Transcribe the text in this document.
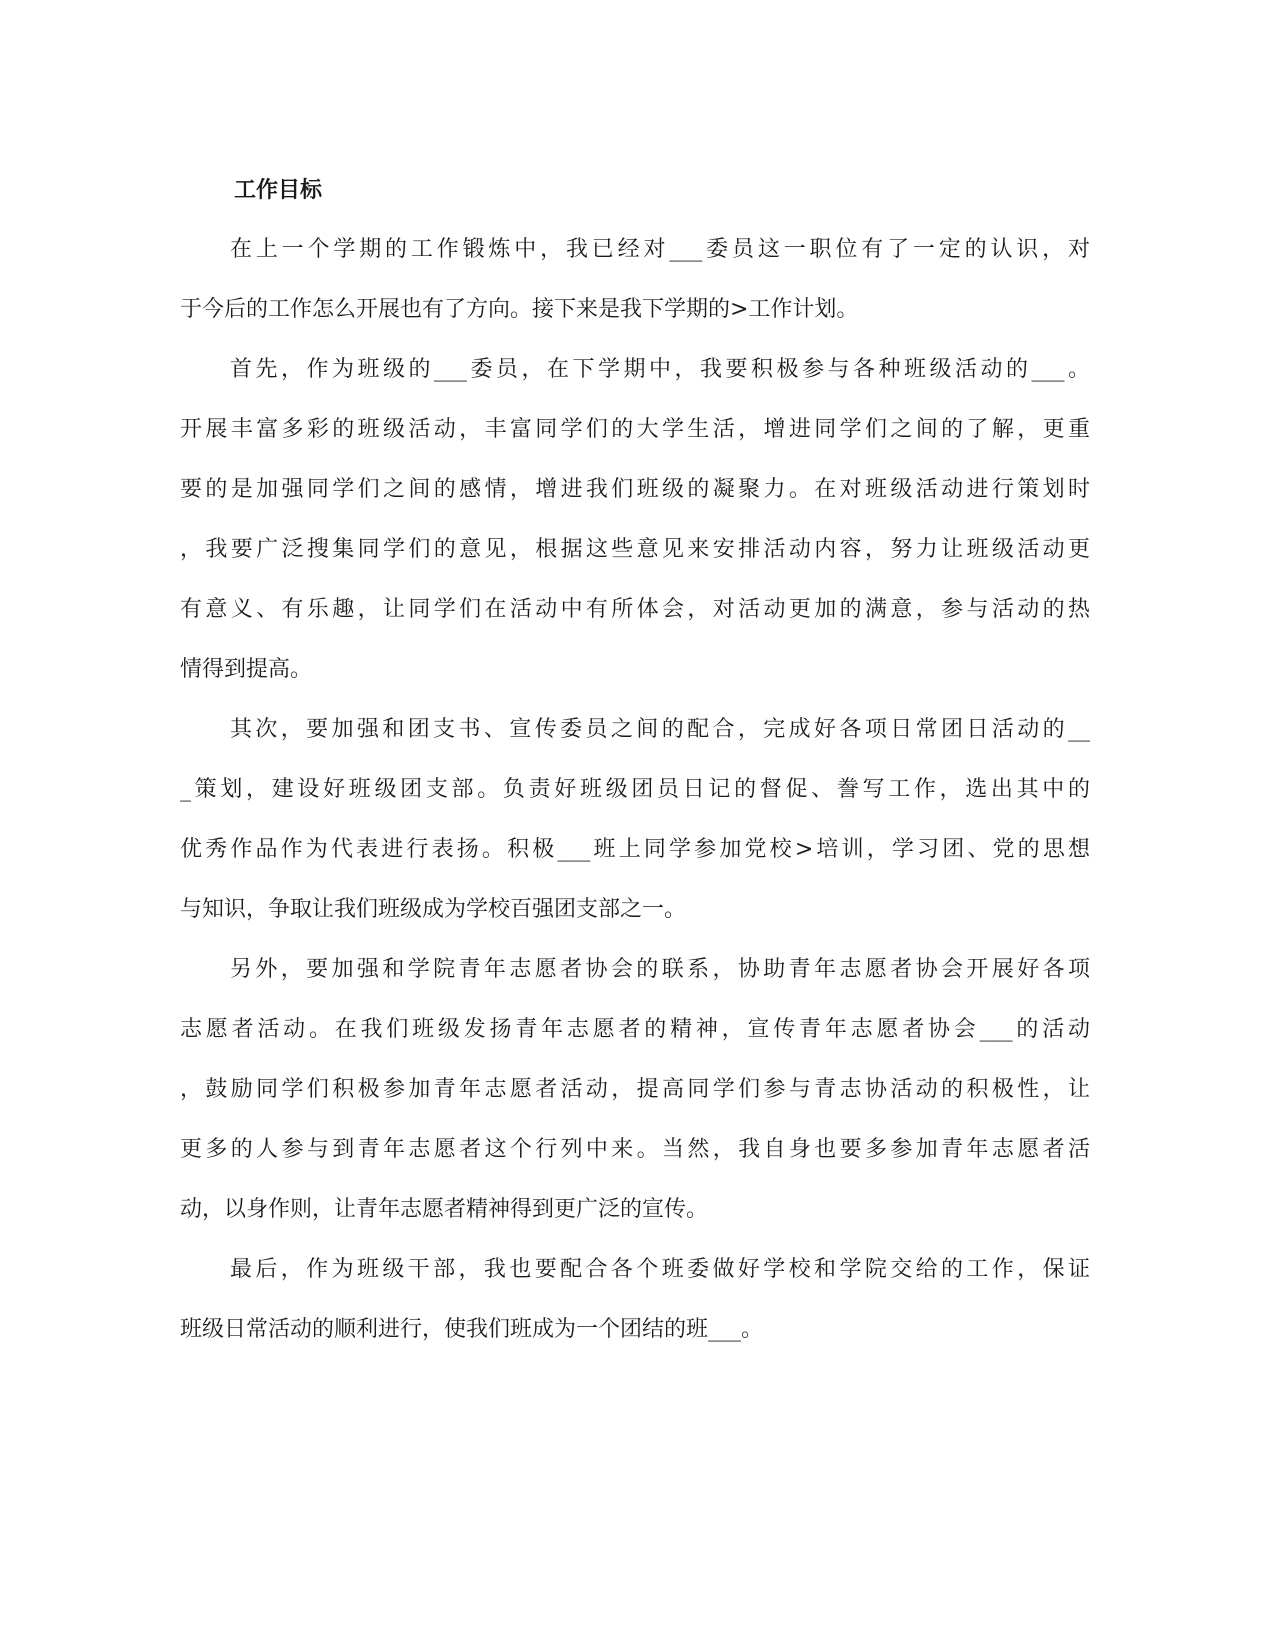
工作目标
在上一个学期的工作锻炼中，我已经对___委员这一职位有了一定的认识，对
于今后的工作怎么开展也有了方向。接下来是我下学期的>工作计划。
首先，作为班级的___委员，在下学期中，我要积极参与各种班级活动的___。
开展丰富多彩的班级活动，丰富同学们的大学生活，增进同学们之间的了解，更重
要的是加强同学们之间的感情，增进我们班级的凝聚力。在对班级活动进行策划时
，我要广泛搜集同学们的意见，根据这些意见来安排活动内容，努力让班级活动更
有意义、有乐趣，让同学们在活动中有所体会，对活动更加的满意，参与活动的热
情得到提高。
其次，要加强和团支书、宣传委员之间的配合，完成好各项日常团日活动的__
_策划，建设好班级团支部。负责好班级团员日记的督促、誊写工作，选出其中的
优秀作品作为代表进行表扬。积极___班上同学参加党校>培训，学习团、党的思想
与知识，争取让我们班级成为学校百强团支部之一。
另外，要加强和学院青年志愿者协会的联系，协助青年志愿者协会开展好各项
志愿者活动。在我们班级发扬青年志愿者的精神，宣传青年志愿者协会___的活动
，鼓励同学们积极参加青年志愿者活动，提高同学们参与青志协活动的积极性，让
更多的人参与到青年志愿者这个行列中来。当然，我自身也要多参加青年志愿者活
动，以身作则，让青年志愿者精神得到更广泛的宣传。
最后，作为班级干部，我也要配合各个班委做好学校和学院交给的工作，保证
班级日常活动的顺利进行，使我们班成为一个团结的班___。
